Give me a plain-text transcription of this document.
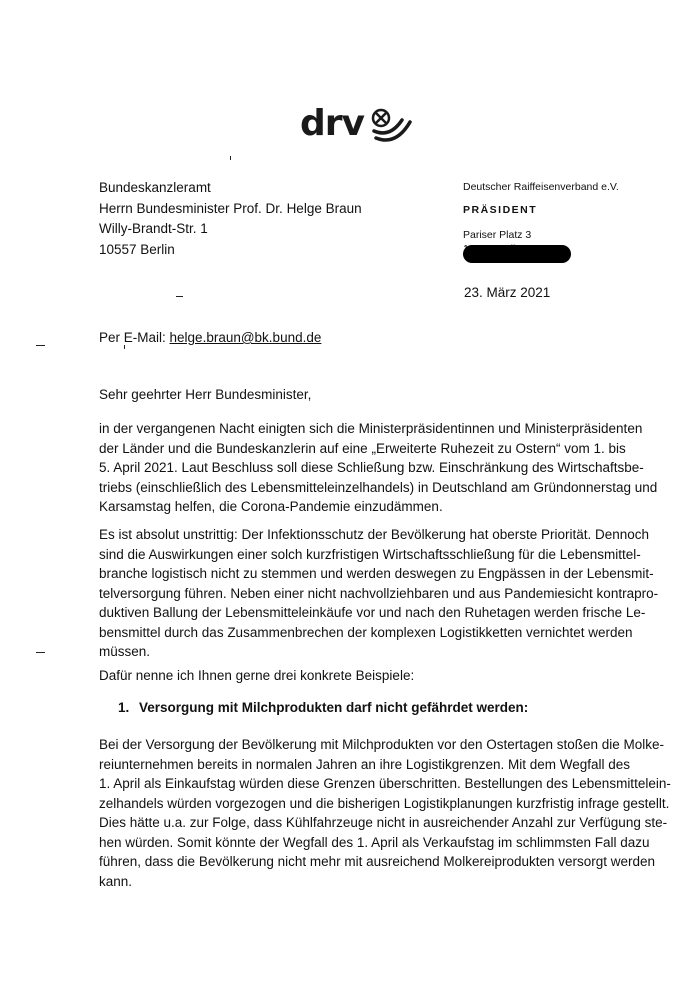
drv
Bundeskanzleramt
Herrn Bundesminister Prof. Dr. Helge Braun
Willy-Brandt-Str. 1
10557 Berlin
Deutscher Raiffeisenverband e.V.
PRÄSIDENT
Pariser Platz 3
23. März 2021
Per E-Mail: helge.braun@bk.bund.de
Sehr geehrter Herr Bundesminister,
in der vergangenen Nacht einigten sich die Ministerpräsidentinnen und Ministerpräsidenten
der Länder und die Bundeskanzlerin auf eine „Erweiterte Ruhezeit zu Ostern“ vom 1. bis
5. April 2021. Laut Beschluss soll diese Schließung bzw. Einschränkung des Wirtschaftsbe-
triebs (einschließlich des Lebensmitteleinzelhandels) in Deutschland am Gründonnerstag und
Karsamstag helfen, die Corona-Pandemie einzudämmen.
Es ist absolut unstrittig: Der Infektionsschutz der Bevölkerung hat oberste Priorität. Dennoch
sind die Auswirkungen einer solch kurzfristigen Wirtschaftsschließung für die Lebensmittel-
branche logistisch nicht zu stemmen und werden deswegen zu Engpässen in der Lebensmit-
telversorgung führen. Neben einer nicht nachvollziehbaren und aus Pandemiesicht kontrapro-
duktiven Ballung der Lebensmitteleinkäufe vor und nach den Ruhetagen werden frische Le-
bensmittel durch das Zusammenbrechen der komplexen Logistikketten vernichtet werden
müssen.
Dafür nenne ich Ihnen gerne drei konkrete Beispiele:
1. Versorgung mit Milchprodukten darf nicht gefährdet werden:
Bei der Versorgung der Bevölkerung mit Milchprodukten vor den Ostertagen stoßen die Molke-
reiunternehmen bereits in normalen Jahren an ihre Logistikgrenzen. Mit dem Wegfall des
1. April als Einkaufstag würden diese Grenzen überschritten. Bestellungen des Lebensmittelein-
zelhandels würden vorgezogen und die bisherigen Logistikplanungen kurzfristig infrage gestellt.
Dies hätte u.a. zur Folge, dass Kühlfahrzeuge nicht in ausreichender Anzahl zur Verfügung ste-
hen würden. Somit könnte der Wegfall des 1. April als Verkaufstag im schlimmsten Fall dazu
führen, dass die Bevölkerung nicht mehr mit ausreichend Molkereiprodukten versorgt werden
kann.
